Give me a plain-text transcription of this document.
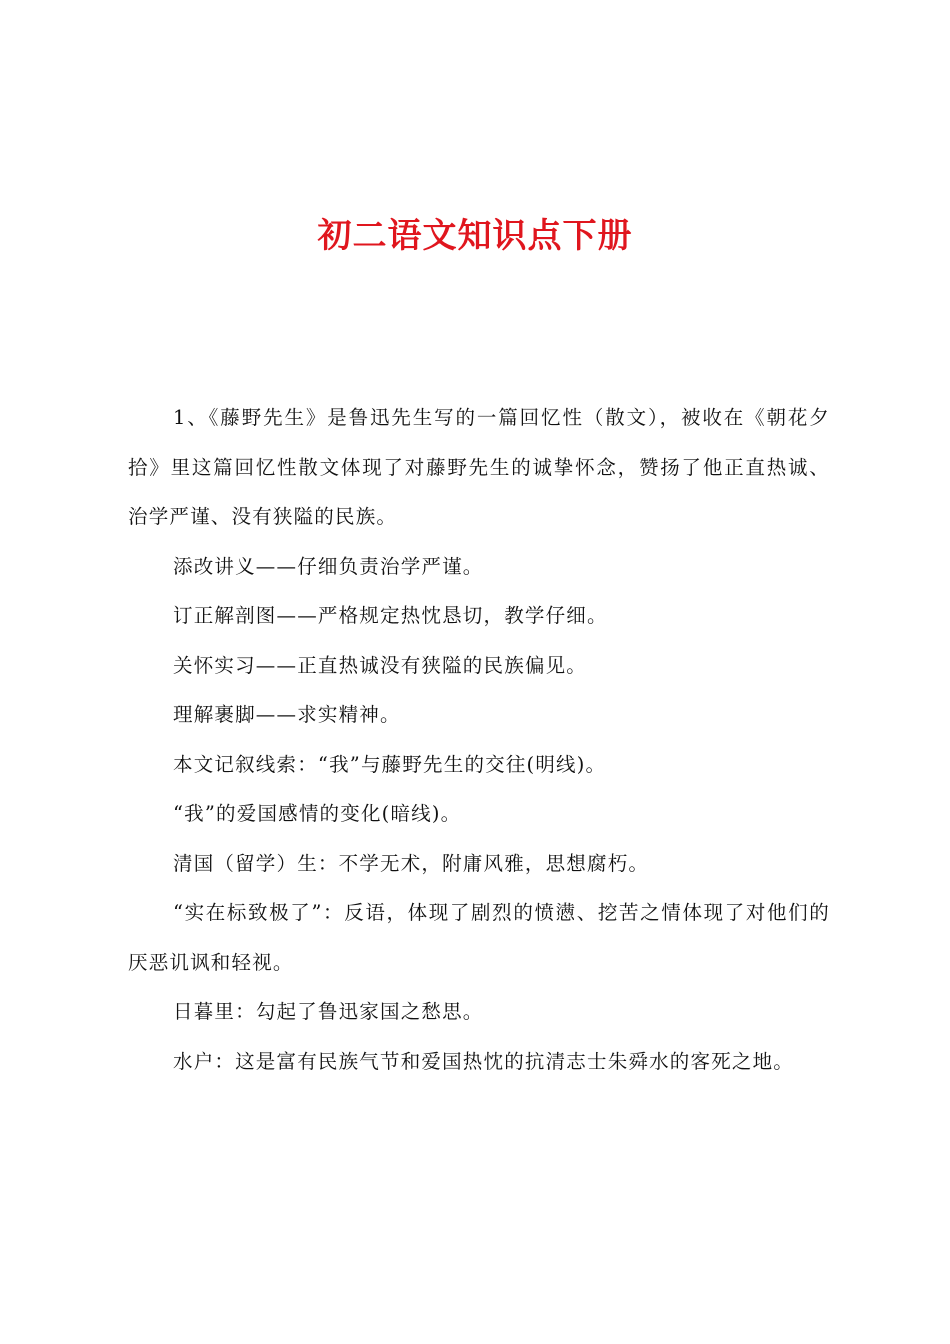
初二语文知识点下册

1、《藤野先生》是鲁迅先生写的一篇回忆性（散文），被收在《朝花夕拾》里这篇回忆性散文体现了对藤野先生的诚挚怀念，赞扬了他正直热诚、治学严谨、没有狭隘的民族。

添改讲义——仔细负责治学严谨。

订正解剖图——严格规定热忱恳切，教学仔细。

关怀实习——正直热诚没有狭隘的民族偏见。

理解裹脚——求实精神。

本文记叙线索：“我”与藤野先生的交往(明线)。

“我”的爱国感情的变化(暗线)。

清国（留学）生：不学无术，附庸风雅，思想腐朽。

“实在标致极了”：反语，体现了剧烈的愤懑、挖苦之情体现了对他们的厌恶讥讽和轻视。

日暮里：勾起了鲁迅家国之愁思。

水户：这是富有民族气节和爱国热忱的抗清志士朱舜水的客死之地。
